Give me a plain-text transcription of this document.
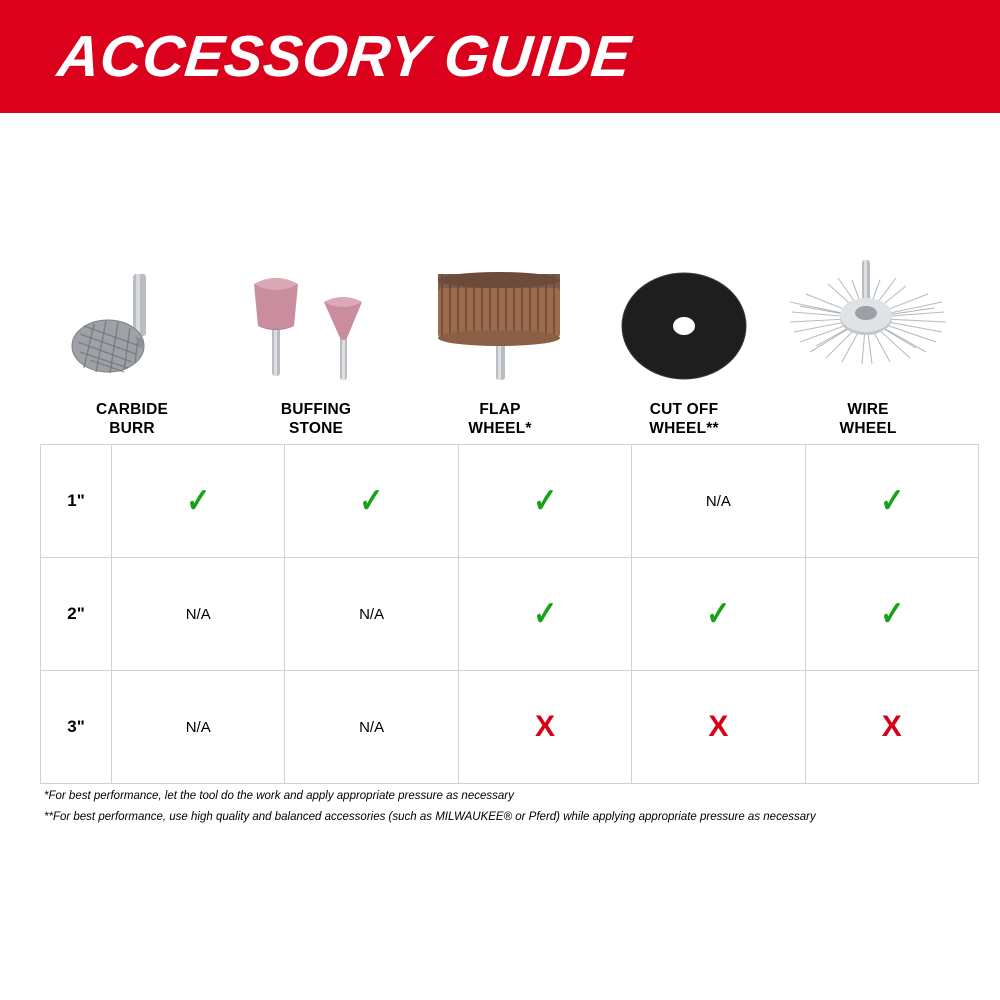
ACCESSORY GUIDE
CARBIDE
BURR
BUFFING
STONE
FLAP
WHEEL*
CUT OFF
WHEEL**
WIRE
WHEEL
1"	✓	✓	✓	N/A	✓
2"	N/A	N/A	✓	✓	✓
3"	N/A	N/A	X	X	X
*For best performance, let the tool do the work and apply appropriate pressure as necessary
**For best performance, use high quality and balanced accessories (such as MILWAUKEE® or Pferd) while applying appropriate pressure as necessary
